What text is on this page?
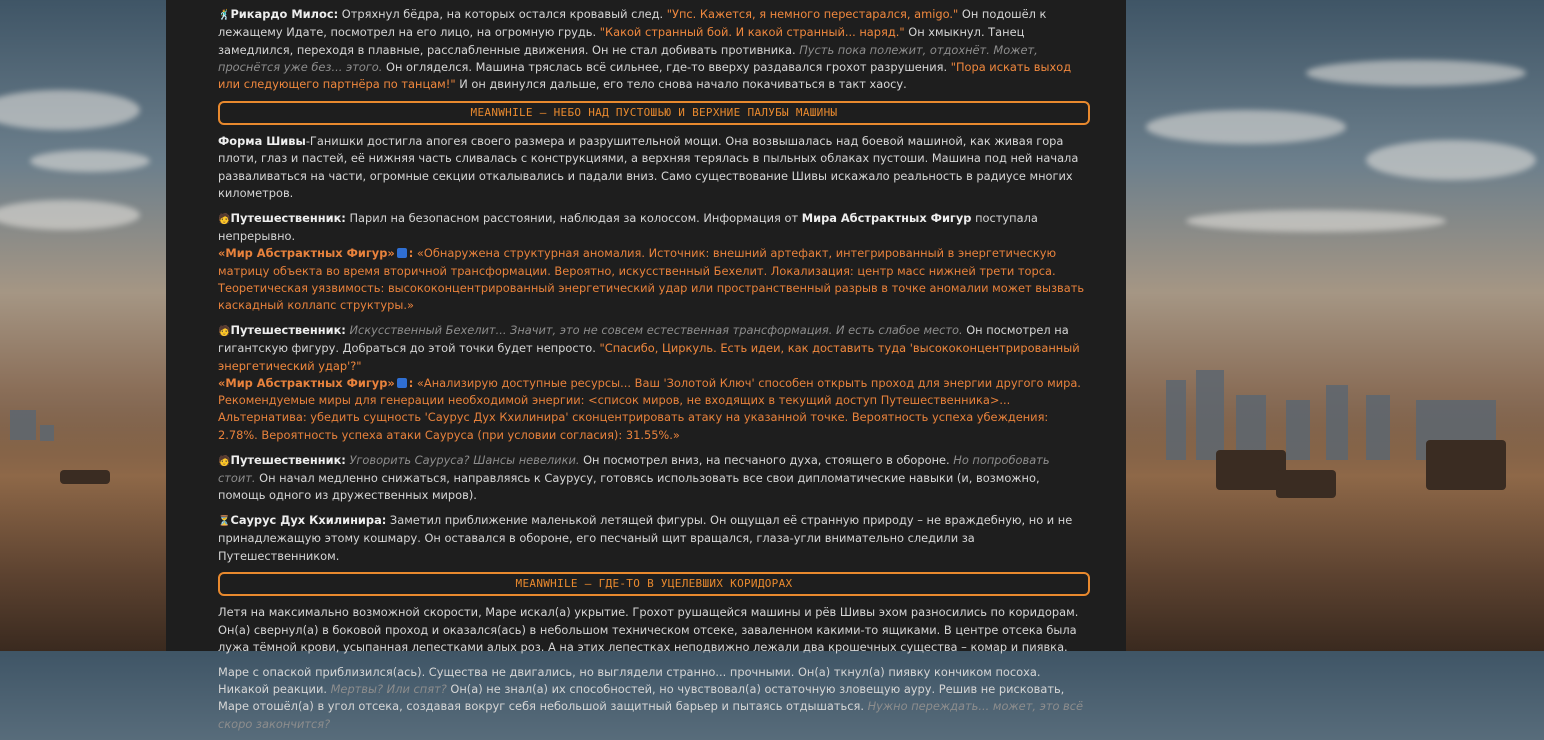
🕺Рикардо Милос: Отряхнул бёдра, на которых остался кровавый след. "Упс. Кажется, я немного перестарался, amigo." Он подошёл к лежащему Идате, посмотрел на его лицо, на огромную грудь. "Какой странный бой. И какой странный... наряд." Он хмыкнул. Танец замедлился, переходя в плавные, расслабленные движения. Он не стал добивать противника. Пусть пока полежит, отдохнёт. Может, проснётся уже без... этого. Он огляделся. Машина тряслась всё сильнее, где-то вверху раздавался грохот разрушения. "Пора искать выход или следующего партнёра по танцам!" И он двинулся дальше, его тело снова начало покачиваться в такт хаосу.

MEANWHILE – НЕБО НАД ПУСТОШЬЮ И ВЕРХНИЕ ПАЛУБЫ МАШИНЫ

Форма Шивы-Ганишки достигла апогея своего размера и разрушительной мощи. Она возвышалась над боевой машиной, как живая гора плоти, глаз и пастей, её нижняя часть сливалась с конструкциями, а верхняя терялась в пыльных облаках пустоши. Машина под ней начала разваливаться на части, огромные секции откалывались и падали вниз. Само существование Шивы искажало реальность в радиусе многих километров.

🧑Путешественник: Парил на безопасном расстоянии, наблюдая за колоссом. Информация от Мира Абстрактных Фигур поступала непрерывно.
«Мир Абстрактных Фигур» : «Обнаружена структурная аномалия. Источник: внешний артефакт, интегрированный в энергетическую матрицу объекта во время вторичной трансформации. Вероятно, искусственный Бехелит. Локализация: центр масс нижней трети торса. Теоретическая уязвимость: высококонцентрированный энергетический удар или пространственный разрыв в точке аномалии может вызвать каскадный коллапс структуры.»

🧑Путешественник: Искусственный Бехелит... Значит, это не совсем естественная трансформация. И есть слабое место. Он посмотрел на гигантскую фигуру. Добраться до этой точки будет непросто. "Спасибо, Циркуль. Есть идеи, как доставить туда 'высококонцентрированный энергетический удар'?"
«Мир Абстрактных Фигур» : «Анализирую доступные ресурсы... Ваш 'Золотой Ключ' способен открыть проход для энергии другого мира. Рекомендуемые миры для генерации необходимой энергии: <список миров, не входящих в текущий доступ Путешественника>... Альтернатива: убедить сущность 'Саурус Дух Кхилинира' сконцентрировать атаку на указанной точке. Вероятность успеха убеждения: 2.78%. Вероятность успеха атаки Сауруса (при условии согласия): 31.55%.»

🧑Путешественник: Уговорить Сауруса? Шансы невелики. Он посмотрел вниз, на песчаного духа, стоящего в обороне. Но попробовать стоит. Он начал медленно снижаться, направляясь к Саурусу, готовясь использовать все свои дипломатические навыки (и, возможно, помощь одного из дружественных миров).

⏳Саурус Дух Кхилинира: Заметил приближение маленькой летящей фигуры. Он ощущал её странную природу – не враждебную, но и не принадлежащую этому кошмару. Он оставался в обороне, его песчаный щит вращался, глаза-угли внимательно следили за Путешественником.

MEANWHILE – ГДЕ-ТО В УЦЕЛЕВШИХ КОРИДОРАХ

Летя на максимально возможной скорости, Маре искал(а) укрытие. Грохот рушащейся машины и рёв Шивы эхом разносились по коридорам. Он(а) свернул(а) в боковой проход и оказался(ась) в небольшом техническом отсеке, заваленном какими-то ящиками. В центре отсека была лужа тёмной крови, усыпанная лепестками алых роз. А на этих лепестках неподвижно лежали два крошечных существа – комар и пиявка.

Маре с опаской приблизился(ась). Существа не двигались, но выглядели странно... прочными. Он(а) ткнул(а) пиявку кончиком посоха. Никакой реакции. Мертвы? Или спят? Он(а) не знал(а) их способностей, но чувствовал(а) остаточную зловещую ауру. Решив не рисковать, Маре отошёл(а) в угол отсека, создавая вокруг себя небольшой защитный барьер и пытаясь отдышаться. Нужно переждать... может, это всё скоро закончится?
